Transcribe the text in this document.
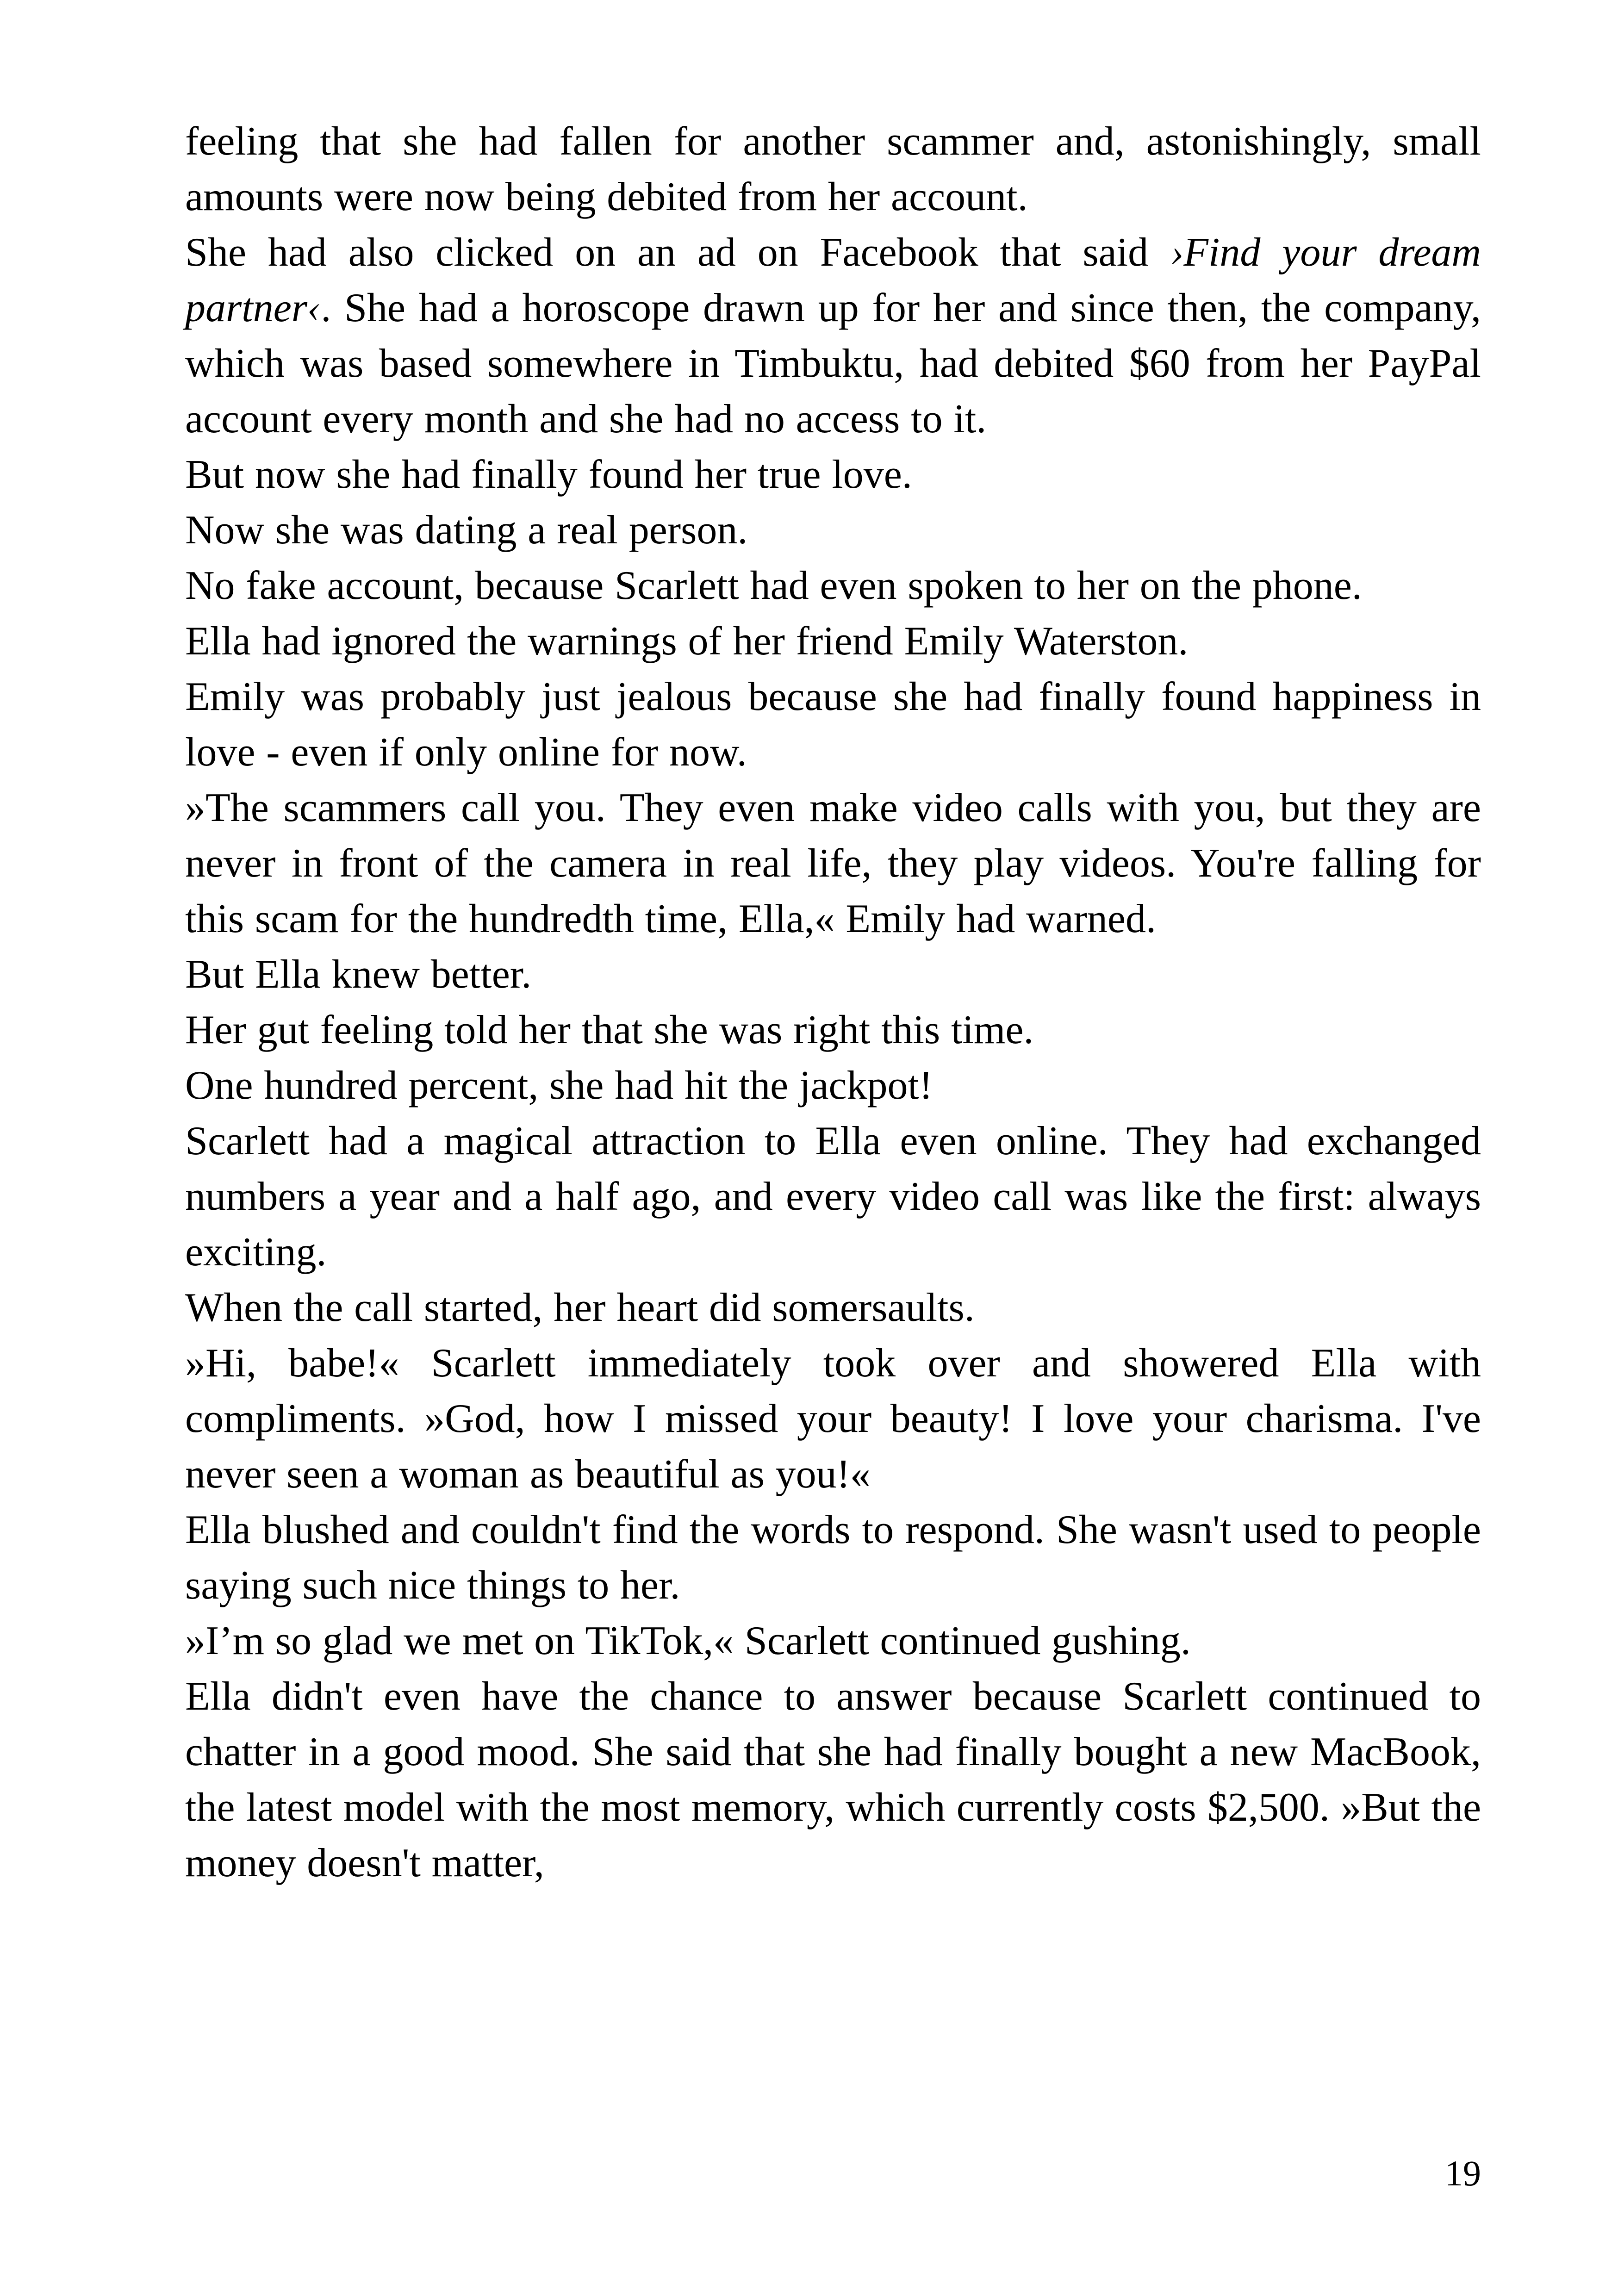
feeling that she had fallen for another scammer and, astonishingly, small amounts were now being debited from her account.

She had also clicked on an ad on Facebook that said ›Find your dream partner‹. She had a horoscope drawn up for her and since then, the company, which was based somewhere in Timbuktu, had debited $60 from her PayPal account every month and she had no access to it.

But now she had finally found her true love.

Now she was dating a real person.

No fake account, because Scarlett had even spoken to her on the phone.

Ella had ignored the warnings of her friend Emily Waterston.

Emily was probably just jealous because she had finally found happiness in love - even if only online for now.

»The scammers call you. They even make video calls with you, but they are never in front of the camera in real life, they play videos. You're falling for this scam for the hundredth time, Ella,« Emily had warned.

But Ella knew better.

Her gut feeling told her that she was right this time.

One hundred percent, she had hit the jackpot!

Scarlett had a magical attraction to Ella even online. They had exchanged numbers a year and a half ago, and every video call was like the first: always exciting.

When the call started, her heart did somersaults.

»Hi, babe!« Scarlett immediately took over and showered Ella with compliments. »God, how I missed your beauty! I love your charisma. I've never seen a woman as beautiful as you!«

Ella blushed and couldn't find the words to respond. She wasn't used to people saying such nice things to her.

»I’m so glad we met on TikTok,« Scarlett continued gushing.

Ella didn't even have the chance to answer because Scarlett continued to chatter in a good mood. She said that she had finally bought a new MacBook, the latest model with the most memory, which currently costs $2,500. »But the money doesn't matter,

19
